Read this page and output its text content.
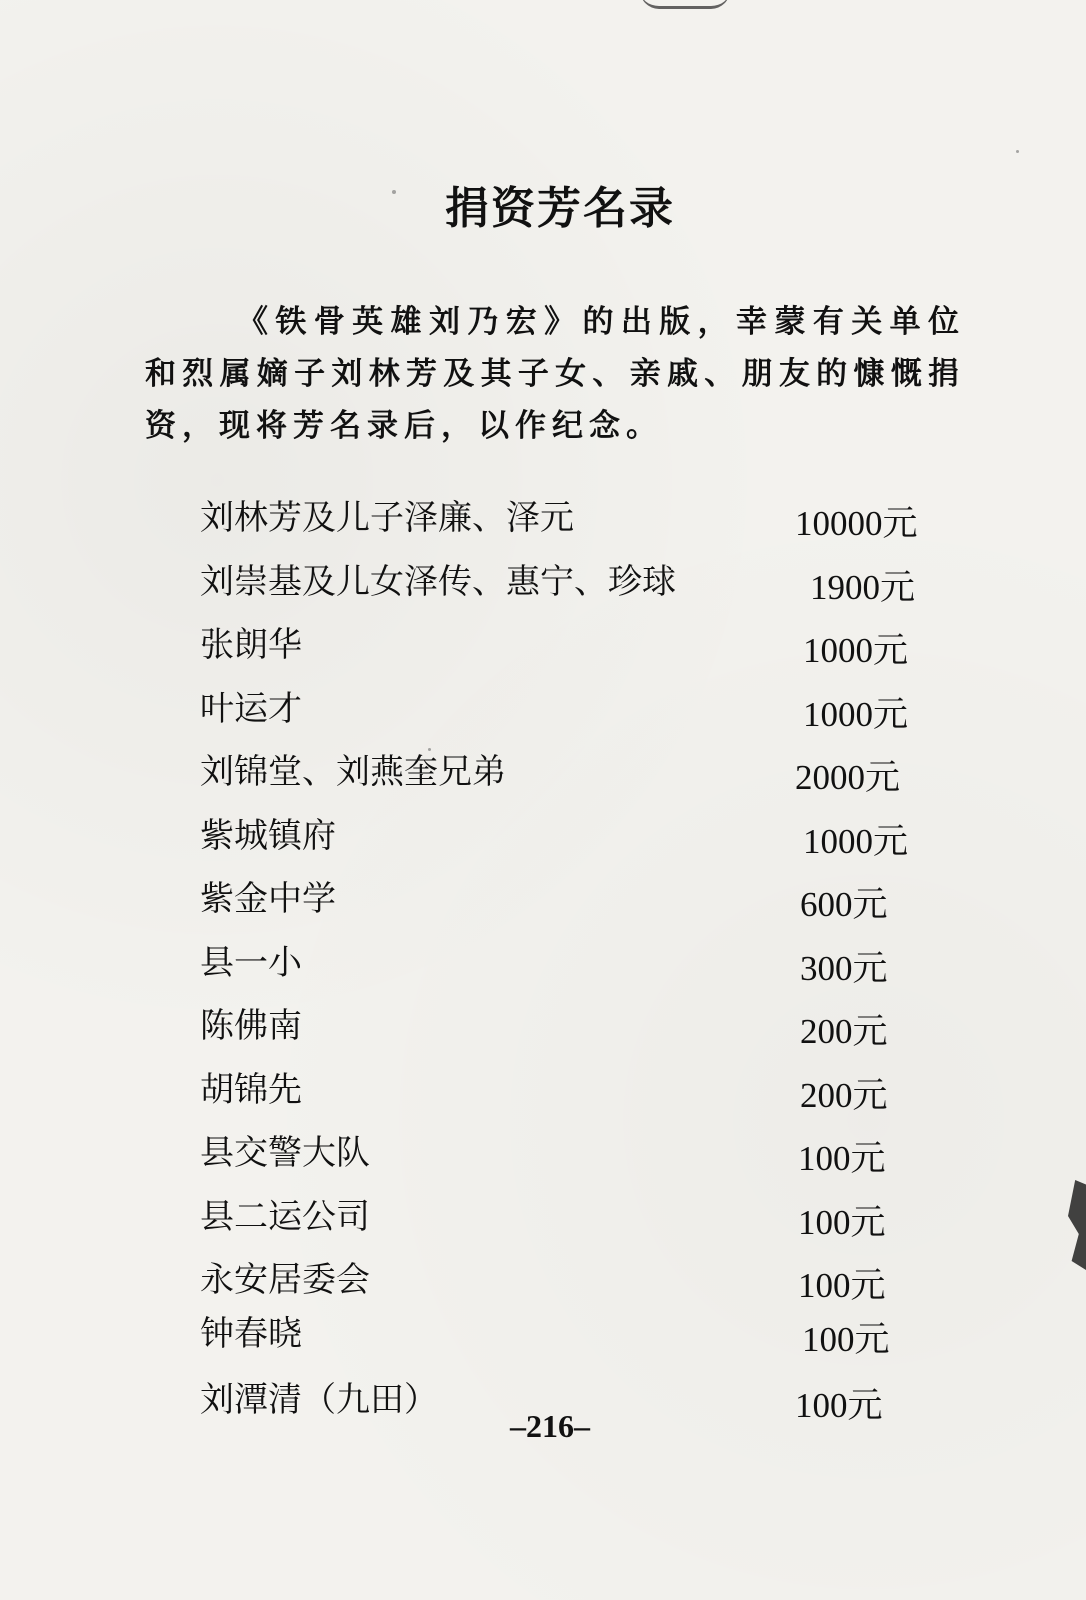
捐资芳名录
《铁骨英雄刘乃宏》的出版，幸蒙有关单位和烈属嫡子刘林芳及其子女、亲戚、朋友的慷慨捐资，现将芳名录后，以作纪念。
刘林芳及儿子泽廉、泽元	10000元
刘崇基及儿女泽传、惠宁、珍球	1900元
张朗华	1000元
叶运才	1000元
刘锦堂、刘燕奎兄弟	2000元
紫城镇府	1000元
紫金中学	600元
县一小	300元
陈佛南	200元
胡锦先	200元
县交警大队	100元
县二运公司	100元
永安居委会	100元
钟春晓	100元
刘潭清（九田）	100元
–216–
